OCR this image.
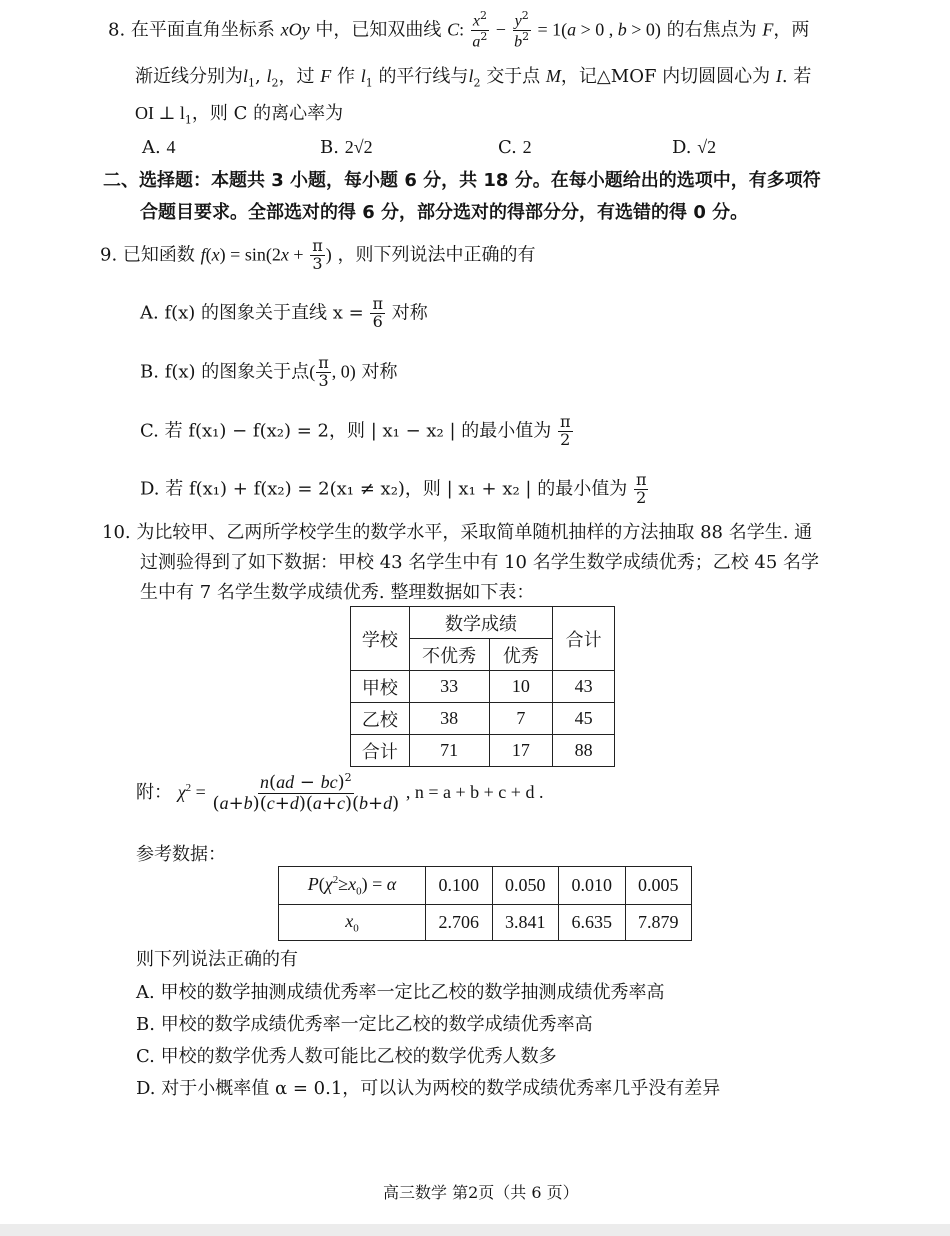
8. 在平面直角坐标系 xOy 中，已知双曲线 C: $\frac{x^2}{a^2} - \frac{y^2}{b^2} = 1(a > 0$ , b > 0) 的右焦点为 F，两
渐近线分别为$l_1$, $l_2$，过 F 作 $l_1$ 的平行线与$l_2$ 交于点 M，记△MOF 内切圆圆心为 I. 若
OI ⊥ $l_1$，则 C 的离心率为
A. 4	B. 2√2	C. 2	D. √2
二、选择题：本题共 3 小题，每小题 6 分，共 18 分。在每小题给出的选项中，有多项符
合题目要求。全部选对的得 6 分，部分选对的得部分分，有选错的得 0 分。
9. 已知函数 $f(x) = \sin(2x + \frac{\pi}{3}$ ) ，则下列说法中正确的有
A. f(x) 的图象关于直线 $x = \frac{\pi}{6}$ 对称
B. f(x) 的图象关于点( $\frac{\pi}{3}$ , 0) 对称
C. 若 f(x₁) − f(x₂) = 2，则 | x₁ − x₂ | 的最小值为 $\frac{\pi}{2}$
D. 若 f(x₁) + f(x₂) = 2(x₁ ≠ x₂)，则 | x₁ + x₂ | 的最小值为 $\frac{\pi}{2}$
10. 为比较甲、乙两所学校学生的数学水平，采取简单随机抽样的方法抽取 88 名学生. 通
过测验得到了如下数据：甲校 43 名学生中有 10 名学生数学成绩优秀；乙校 45 名学
生中有 7 名学生数学成绩优秀. 整理数据如下表：
学校	数学成绩		合计
	不优秀	优秀	
甲校	33	10	43
乙校	38	7	45
合计	71	17	88
附： $\chi^2 = \frac{n(ad - bc)^2}{(a+b)(c+d)(a+c)(b+d)}$ , n = a + b + c + d .
参考数据：
$P(\chi^2\ge x_0) = \alpha$	0.100	0.050	0.010	0.005
$x_0$	2.706	3.841	6.635	7.879
则下列说法正确的有
A. 甲校的数学抽测成绩优秀率一定比乙校的数学抽测成绩优秀率高
B. 甲校的数学成绩优秀率一定比乙校的数学成绩优秀率高
C. 甲校的数学优秀人数可能比乙校的数学优秀人数多
D. 对于小概率值 α = 0.1，可以认为两校的数学成绩优秀率几乎没有差异
高三数学 第2页（共 6 页）
